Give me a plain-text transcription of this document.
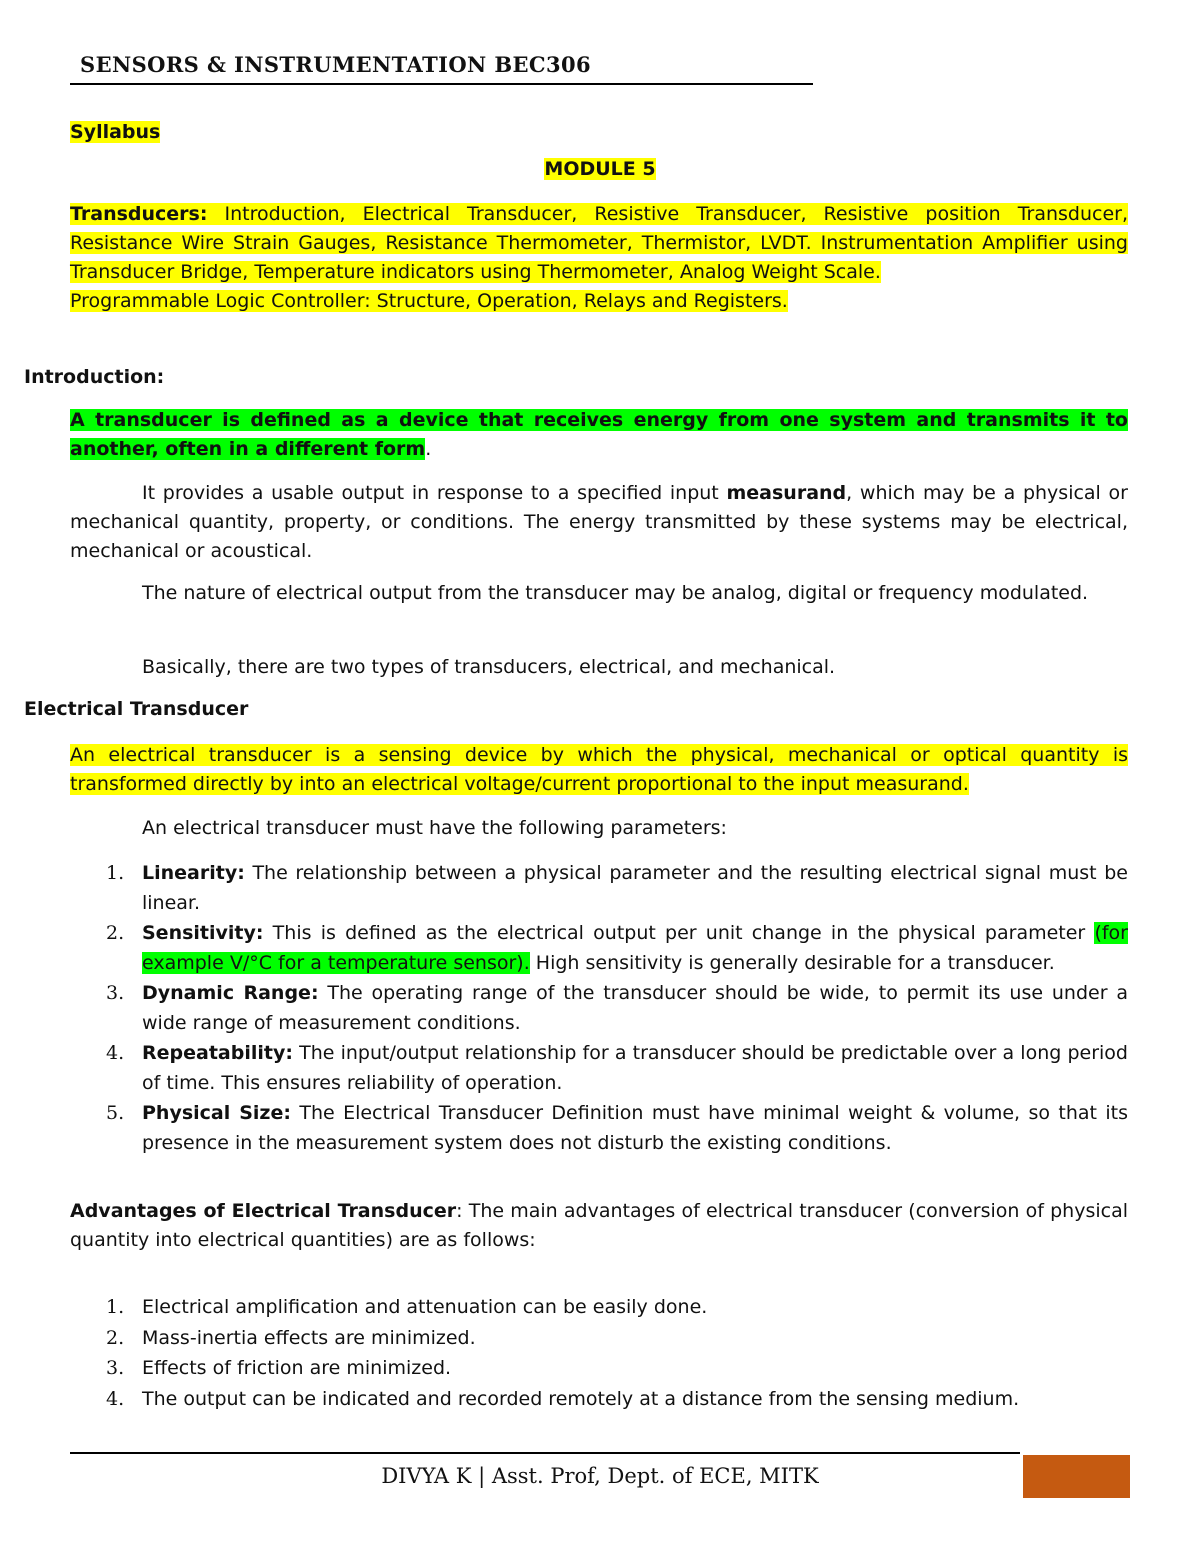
SENSORS & INSTRUMENTATION BEC306
Syllabus
MODULE 5
Transducers: Introduction, Electrical Transducer, Resistive Transducer, Resistive position Transducer, Resistance Wire Strain Gauges, Resistance Thermometer, Thermistor, LVDT. Instrumentation Amplifier using Transducer Bridge, Temperature indicators using Thermometer, Analog Weight Scale.
Programmable Logic Controller: Structure, Operation, Relays and Registers.
Introduction:
A transducer is defined as a device that receives energy from one system and transmits it to another, often in a different form.
It provides a usable output in response to a specified input measurand, which may be a physical or mechanical quantity, property, or conditions. The energy transmitted by these systems may be electrical, mechanical or acoustical.
The nature of electrical output from the transducer may be analog, digital or frequency modulated.
Basically, there are two types of transducers, electrical, and mechanical.
Electrical Transducer
An electrical transducer is a sensing device by which the physical, mechanical or optical quantity is transformed directly by into an electrical voltage/current proportional to the input measurand.
An electrical transducer must have the following parameters:
1. Linearity: The relationship between a physical parameter and the resulting electrical signal must be linear.
2. Sensitivity: This is defined as the electrical output per unit change in the physical parameter (for example V/°C for a temperature sensor). High sensitivity is generally desirable for a transducer.
3. Dynamic Range: The operating range of the transducer should be wide, to permit its use under a wide range of measurement conditions.
4. Repeatability: The input/output relationship for a transducer should be predictable over a long period of time. This ensures reliability of operation.
5. Physical Size: The Electrical Transducer Definition must have minimal weight & volume, so that its presence in the measurement system does not disturb the existing conditions.
Advantages of Electrical Transducer: The main advantages of electrical transducer (conversion of physical quantity into electrical quantities) are as follows:
1. Electrical amplification and attenuation can be easily done.
2. Mass-inertia effects are minimized.
3. Effects of friction are minimized.
4. The output can be indicated and recorded remotely at a distance from the sensing medium.
DIVYA K | Asst. Prof, Dept. of ECE, MITK
